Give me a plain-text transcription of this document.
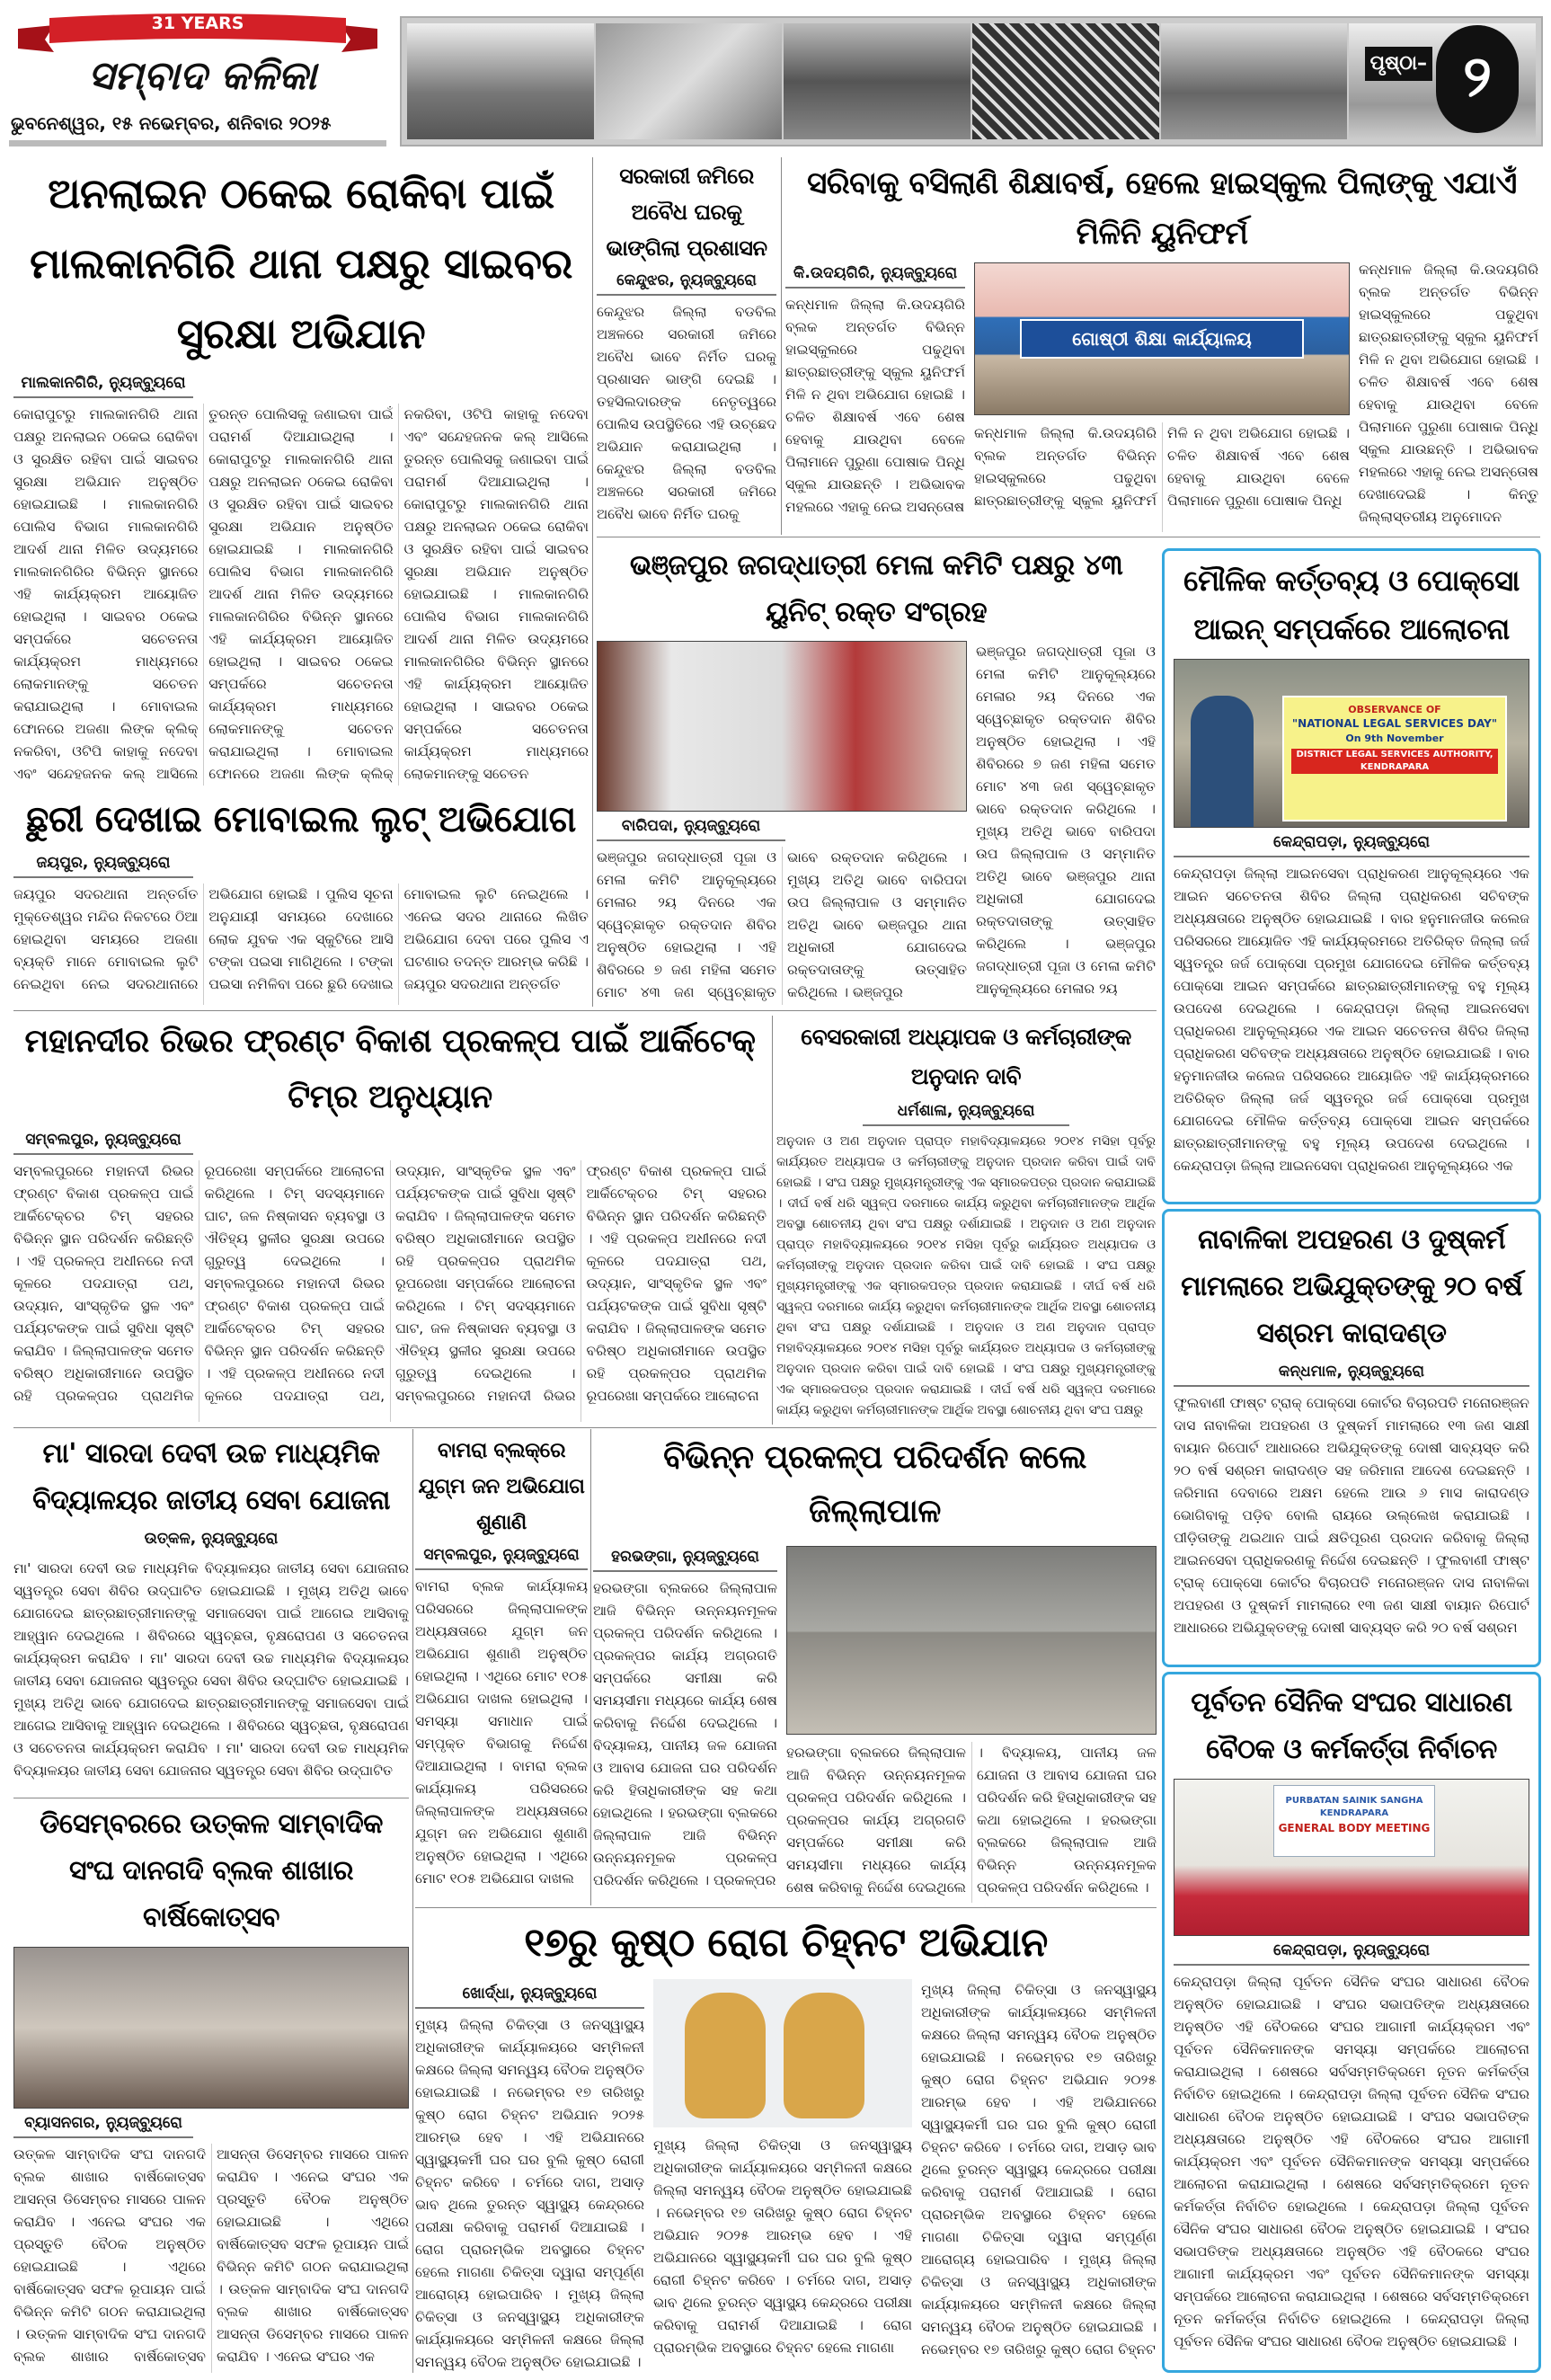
31 YEARS
ସମ୍ବାଦ କଳିକା
ଭୁବନେଶ୍ୱର, ୧୫ ନଭେମ୍ବର, ଶନିବାର ୨୦୨୫
ପୃଷ୍ଠା– ୨
ଅନଲାଇନ ଠକେଇ ରୋକିବା ପାଇଁ ମାଲକାନଗିରି ଥାନା ପକ୍ଷରୁ ସାଇବର ସୁରକ୍ଷା ଅଭିଯାନ
ମାଲକାନଗିରି, ନ୍ୟୁଜ୍‌ବ୍ୟୁରୋ
କୋରାପୁଟରୁ ମାଲକାନଗିରି ଥାନା ପକ୍ଷରୁ ଅନଲାଇନ ଠକେଇ ରୋକିବା ଓ ସୁରକ୍ଷିତ ରହିବା ପାଇଁ ସାଇବର ସୁରକ୍ଷା ଅଭିଯାନ ଅନୁଷ୍ଠିତ ହୋଇଯାଇଛି । ମାଲକାନଗିରି ପୋଲିସ ବିଭାଗ ମାଲକାନଗିରି ଆଦର୍ଶ ଥାନା ମିଳିତ ଉଦ୍ୟମରେ ମାଲକାନଗିରିର ବିଭିନ୍ନ ସ୍ଥାନରେ ଏହି କାର୍ଯ୍ୟକ୍ରମ ଆୟୋଜିତ ହୋଇଥିଲା । ସାଇବର ଠକେଇ ସମ୍ପର୍କରେ ସଚେତନତା କାର୍ଯ୍ୟକ୍ରମ ମାଧ୍ୟମରେ ଲୋକମାନଙ୍କୁ ସଚେତନ କରାଯାଇଥିଲା । ମୋବାଇଲ ଫୋନରେ ଅଜଣା ଲିଙ୍କ କ୍ଲିକ୍ ନକରିବା, ଓଟିପି କାହାକୁ ନଦେବା ଏବଂ ସନ୍ଦେହଜନକ କଲ୍ ଆସିଲେ ତୁରନ୍ତ ପୋଲିସକୁ ଜଣାଇବା ପାଇଁ ପରାମର୍ଶ ଦିଆଯାଇଥିଲା । କୋରାପୁଟରୁ ମାଲକାନଗିରି ଥାନା ପକ୍ଷରୁ ଅନଲାଇନ ଠକେଇ ରୋକିବା ଓ ସୁରକ୍ଷିତ ରହିବା ପାଇଁ ସାଇବର ସୁରକ୍ଷା ଅଭିଯାନ ଅନୁଷ୍ଠିତ ହୋଇଯାଇଛି । ମାଲକାନଗିରି ପୋଲିସ ବିଭାଗ ମାଲକାନଗିରି ଆଦର୍ଶ ଥାନା ମିଳିତ ଉଦ୍ୟମରେ ମାଲକାନଗିରିର ବିଭିନ୍ନ ସ୍ଥାନରେ ଏହି କାର୍ଯ୍ୟକ୍ରମ ଆୟୋଜିତ ହୋଇଥିଲା । ସାଇବର ଠକେଇ ସମ୍ପର୍କରେ ସଚେତନତା କାର୍ଯ୍ୟକ୍ରମ ମାଧ୍ୟମରେ ଲୋକମାନଙ୍କୁ ସଚେତନ କରାଯାଇଥିଲା । ମୋବାଇଲ ଫୋନରେ ଅଜଣା ଲିଙ୍କ କ୍ଲିକ୍ ନକରିବା, ଓଟିପି କାହାକୁ ନଦେବା ଏବଂ ସନ୍ଦେହଜନକ କଲ୍ ଆସିଲେ ତୁରନ୍ତ ପୋଲିସକୁ ଜଣାଇବା ପାଇଁ ପରାମର୍ଶ ଦିଆଯାଇଥିଲା । କୋରାପୁଟରୁ ମାଲକାନଗିରି ଥାନା ପକ୍ଷରୁ ଅନଲାଇନ ଠକେଇ ରୋକିବା ଓ ସୁରକ୍ଷିତ ରହିବା ପାଇଁ ସାଇବର ସୁରକ୍ଷା ଅଭିଯାନ ଅନୁଷ୍ଠିତ ହୋଇଯାଇଛି । ମାଲକାନଗିରି ପୋଲିସ ବିଭାଗ ମାଲକାନଗିରି ଆଦର୍ଶ ଥାନା ମିଳିତ ଉଦ୍ୟମରେ ମାଲକାନଗିରିର ବିଭିନ୍ନ ସ୍ଥାନରେ ଏହି କାର୍ଯ୍ୟକ୍ରମ ଆୟୋଜିତ ହୋଇଥିଲା । ସାଇବର ଠକେଇ ସମ୍ପର୍କରେ ସଚେତନତା କାର୍ଯ୍ୟକ୍ରମ ମାଧ୍ୟମରେ ଲୋକମାନଙ୍କୁ ସଚେତନ
ସରକାରୀ ଜମିରେ ଅବୈଧ ଘରକୁ ଭାଙ୍ଗିଲା ପ୍ରଶାସନ
କେନ୍ଦୁଝର, ନ୍ୟୁଜ୍‌ବ୍ୟୁରୋ
କେନ୍ଦୁଝର ଜିଲ୍ଲା ବଡବିଲ ଅଞ୍ଚଳରେ ସରକାରୀ ଜମିରେ ଅବୈଧ ଭାବେ ନିର୍ମିତ ଘରକୁ ପ୍ରଶାସନ ଭାଙ୍ଗି ଦେଇଛି । ତହସିଲଦାରଙ୍କ ନେତୃତ୍ୱରେ ପୋଲିସ ଉପସ୍ଥିତିରେ ଏହି ଉଚ୍ଛେଦ ଅଭିଯାନ କରାଯାଇଥିଲା । କେନ୍ଦୁଝର ଜିଲ୍ଲା ବଡବିଲ ଅଞ୍ଚଳରେ ସରକାରୀ ଜମିରେ ଅବୈଧ ଭାବେ ନିର୍ମିତ ଘରକୁ
ସରିବାକୁ ବସିଲାଣି ଶିକ୍ଷାବର୍ଷ, ହେଲେ ହାଇସ୍କୁଲ ପିଲାଙ୍କୁ ଏଯାଏଁ ମିଳିନି ୟୁନିଫର୍ମ
କି.ଉଦୟଗିରି, ନ୍ୟୁଜ୍‌ବ୍ୟୁରୋ
କନ୍ଧମାଳ ଜିଲ୍ଲା କି.ଉଦୟଗିରି ବ୍ଲକ ଅନ୍ତର୍ଗତ ବିଭିନ୍ନ ହାଇସ୍କୁଲରେ ପଢୁଥିବା ଛାତ୍ରଛାତ୍ରୀଙ୍କୁ ସ୍କୁଲ ୟୁନିଫର୍ମ ମିଳି ନ ଥିବା ଅଭିଯୋଗ ହୋଇଛି । ଚଳିତ ଶିକ୍ଷାବର୍ଷ ଏବେ ଶେଷ ହେବାକୁ ଯାଉଥିବା ବେଳେ ପିଲାମାନେ ପୁରୁଣା ପୋଷାକ ପିନ୍ଧି ସ୍କୁଲ ଯାଉଛନ୍ତି । ଅଭିଭାବକ ମହଲରେ ଏହାକୁ ନେଇ ଅସନ୍ତୋଷ
ଗୋଷ୍ଠୀ ଶିକ୍ଷା କାର୍ଯ୍ୟାଳୟ
କନ୍ଧମାଳ ଜିଲ୍ଲା କି.ଉଦୟଗିରି ବ୍ଲକ ଅନ୍ତର୍ଗତ ବିଭିନ୍ନ ହାଇସ୍କୁଲରେ ପଢୁଥିବା ଛାତ୍ରଛାତ୍ରୀଙ୍କୁ ସ୍କୁଲ ୟୁନିଫର୍ମ ମିଳି ନ ଥିବା ଅଭିଯୋଗ ହୋଇଛି । ଚଳିତ ଶିକ୍ଷାବର୍ଷ ଏବେ ଶେଷ ହେବାକୁ ଯାଉଥିବା ବେଳେ ପିଲାମାନେ ପୁରୁଣା ପୋଷାକ ପିନ୍ଧି
କନ୍ଧମାଳ ଜିଲ୍ଲା କି.ଉଦୟଗିରି ବ୍ଲକ ଅନ୍ତର୍ଗତ ବିଭିନ୍ନ ହାଇସ୍କୁଲରେ ପଢୁଥିବା ଛାତ୍ରଛାତ୍ରୀଙ୍କୁ ସ୍କୁଲ ୟୁନିଫର୍ମ ମିଳି ନ ଥିବା ଅଭିଯୋଗ ହୋଇଛି । ଚଳିତ ଶିକ୍ଷାବର୍ଷ ଏବେ ଶେଷ ହେବାକୁ ଯାଉଥିବା ବେଳେ ପିଲାମାନେ ପୁରୁଣା ପୋଷାକ ପିନ୍ଧି ସ୍କୁଲ ଯାଉଛନ୍ତି । ଅଭିଭାବକ ମହଲରେ ଏହାକୁ ନେଇ ଅସନ୍ତୋଷ ଦେଖାଦେଇଛି । କିନ୍ତୁ ଜିଲ୍ଲାସ୍ତରୀୟ ଅନୁମୋଦନ
ଭଞ୍ଜପୁର ଜଗଦ୍ଧାତ୍ରୀ ମେଳା କମିଟି ପକ୍ଷରୁ ୪୩ ୟୁନିଟ୍ ରକ୍ତ ସଂଗ୍ରହ
ବାରିପଦା, ନ୍ୟୁଜ୍‌ବ୍ୟୁରୋ
ଭଞ୍ଜପୁର ଜଗଦ୍ଧାତ୍ରୀ ପୂଜା ଓ ମେଳା କମିଟି ଆନୁକୂଲ୍ୟରେ ମେଳାର ୨ୟ ଦିନରେ ଏକ ସ୍ୱେଚ୍ଛାକୃତ ରକ୍ତଦାନ ଶିବିର ଅନୁଷ୍ଠିତ ହୋଇଥିଲା । ଏହି ଶିବିରରେ ୭ ଜଣ ମହିଳା ସମେତ ମୋଟ ୪୩ ଜଣ ସ୍ୱେଚ୍ଛାକୃତ ଭାବେ ରକ୍ତଦାନ କରିଥିଲେ । ମୁଖ୍ୟ ଅତିଥି ଭାବେ ବାରିପଦା ଉପ ଜିଲ୍ଲାପାଳ ଓ ସମ୍ମାନିତ ଅତିଥି ଭାବେ ଭଞ୍ଜପୁର ଥାନା ଅଧିକାରୀ ଯୋଗଦେଇ ରକ୍ତଦାତାଙ୍କୁ ଉତ୍ସାହିତ କରିଥିଲେ । ଭଞ୍ଜପୁର
ଭଞ୍ଜପୁର ଜଗଦ୍ଧାତ୍ରୀ ପୂଜା ଓ ମେଳା କମିଟି ଆନୁକୂଲ୍ୟରେ ମେଳାର ୨ୟ ଦିନରେ ଏକ ସ୍ୱେଚ୍ଛାକୃତ ରକ୍ତଦାନ ଶିବିର ଅନୁଷ୍ଠିତ ହୋଇଥିଲା । ଏହି ଶିବିରରେ ୭ ଜଣ ମହିଳା ସମେତ ମୋଟ ୪୩ ଜଣ ସ୍ୱେଚ୍ଛାକୃତ ଭାବେ ରକ୍ତଦାନ କରିଥିଲେ । ମୁଖ୍ୟ ଅତିଥି ଭାବେ ବାରିପଦା ଉପ ଜିଲ୍ଲାପାଳ ଓ ସମ୍ମାନିତ ଅତିଥି ଭାବେ ଭଞ୍ଜପୁର ଥାନା ଅଧିକାରୀ ଯୋଗଦେଇ ରକ୍ତଦାତାଙ୍କୁ ଉତ୍ସାହିତ କରିଥିଲେ । ଭଞ୍ଜପୁର ଜଗଦ୍ଧାତ୍ରୀ ପୂଜା ଓ ମେଳା କମିଟି ଆନୁକୂଲ୍ୟରେ ମେଳାର ୨ୟ
ମୌଳିକ କର୍ତ୍ତବ୍ୟ ଓ ପୋକ୍ସୋ ଆଇନ୍ ସମ୍ପର୍କରେ ଆଲୋଚନା
OBSERVANCE OF
"NATIONAL LEGAL SERVICES DAY"
On 9th November
DISTRICT LEGAL SERVICES AUTHORITY, KENDRAPARA
କେନ୍ଦ୍ରାପଡ଼ା, ନ୍ୟୁଜ୍‌ବ୍ୟୁରୋ
କେନ୍ଦ୍ରାପଡ଼ା ଜିଲ୍ଲା ଆଇନସେବା ପ୍ରାଧିକରଣ ଆନୁକୂଲ୍ୟରେ ଏକ ଆଇନ ସଚେତନତା ଶିବିର ଜିଲ୍ଲା ପ୍ରାଧିକରଣ ସଚିବଙ୍କ ଅଧ୍ୟକ୍ଷତାରେ ଅନୁଷ୍ଠିତ ହୋଇଯାଇଛି । ବାର ହନୁମାନଜୀଉ କଲେଜ ପରିସରରେ ଆୟୋଜିତ ଏହି କାର୍ଯ୍ୟକ୍ରମରେ ଅତିରିକ୍ତ ଜିଲ୍ଲା ଜର୍ଜ ସ୍ୱତନ୍ତ୍ର ଜର୍ଜ ପୋକ୍ସୋ ପ୍ରମୁଖ ଯୋଗଦେଇ ମୌଳିକ କର୍ତ୍ତବ୍ୟ ପୋକ୍ସୋ ଆଇନ ସମ୍ପର୍କରେ ଛାତ୍ରଛାତ୍ରୀମାନଙ୍କୁ ବହୁ ମୂଲ୍ୟ ଉପଦେଶ ଦେଇଥିଲେ । କେନ୍ଦ୍ରାପଡ଼ା ଜିଲ୍ଲା ଆଇନସେବା ପ୍ରାଧିକରଣ ଆନୁକୂଲ୍ୟରେ ଏକ ଆଇନ ସଚେତନତା ଶିବିର ଜିଲ୍ଲା ପ୍ରାଧିକରଣ ସଚିବଙ୍କ ଅଧ୍ୟକ୍ଷତାରେ ଅନୁଷ୍ଠିତ ହୋଇଯାଇଛି । ବାର ହନୁମାନଜୀଉ କଲେଜ ପରିସରରେ ଆୟୋଜିତ ଏହି କାର୍ଯ୍ୟକ୍ରମରେ ଅତିରିକ୍ତ ଜିଲ୍ଲା ଜର୍ଜ ସ୍ୱତନ୍ତ୍ର ଜର୍ଜ ପୋକ୍ସୋ ପ୍ରମୁଖ ଯୋଗଦେଇ ମୌଳିକ କର୍ତ୍ତବ୍ୟ ପୋକ୍ସୋ ଆଇନ ସମ୍ପର୍କରେ ଛାତ୍ରଛାତ୍ରୀମାନଙ୍କୁ ବହୁ ମୂଲ୍ୟ ଉପଦେଶ ଦେଇଥିଲେ । କେନ୍ଦ୍ରାପଡ଼ା ଜିଲ୍ଲା ଆଇନସେବା ପ୍ରାଧିକରଣ ଆନୁକୂଲ୍ୟରେ ଏକ
ଛୁରୀ ଦେଖାଇ ମୋବାଇଲ ଲୁଟ୍ ଅଭିଯୋଗ
ଜୟପୁର, ନ୍ୟୁଜ୍‌ବ୍ୟୁରୋ
ଜୟପୁର ସଦରଥାନା ଅନ୍ତର୍ଗତ ମୁକ୍ତେଶ୍ୱର ମନ୍ଦିର ନିକଟରେ ଠିଆ ହୋଇଥିବା ସମୟରେ ଅଜଣା ବ୍ୟକ୍ତି ମାନେ ମୋବାଇଲ ଲୁଟି ନେଇଥିବା ନେଇ ସଦରଥାନାରେ ଅଭିଯୋଗ ହୋଇଛି । ପୁଲିସ ସୂଚନା ଅନୁଯାୟୀ ସମୟରେ ଦେଖାରେ ଲୋକ ଯୁବକ ଏକ ସ୍କୁଟିରେ ଆସି ଟଙ୍କା ପଇସା ମାଗିଥିଲେ । ଟଙ୍କା ପଇସା ନମିଳିବା ପରେ ଛୁରି ଦେଖାଇ ମୋବାଇଲ ଲୁଟି ନେଇଥିଲେ । ଏନେଇ ସଦର ଥାନାରେ ଲିଖିତ ଅଭିଯୋଗ ଦେବା ପରେ ପୁଲିସ ଏ ଘଟଣାର ତଦନ୍ତ ଆରମ୍ଭ କରିଛି । ଜୟପୁର ସଦରଥାନା ଅନ୍ତର୍ଗତ
ମହାନଦୀର ରିଭର ଫ୍ରଣ୍ଟ ବିକାଶ ପ୍ରକଳ୍ପ ପାଇଁ ଆର୍କିଟେକ୍ ଟିମ୍‌ର ଅନୁଧ୍ୟାନ
ସମ୍ବଲପୁର, ନ୍ୟୁଜ୍‌ବ୍ୟୁରୋ
ସମ୍ବଲପୁରରେ ମହାନଦୀ ରିଭର ଫ୍ରଣ୍ଟ ବିକାଶ ପ୍ରକଳ୍ପ ପାଇଁ ଆର୍କିଟେକ୍ଚର ଟିମ୍ ସହରର ବିଭିନ୍ନ ସ୍ଥାନ ପରିଦର୍ଶନ କରିଛନ୍ତି । ଏହି ପ୍ରକଳ୍ପ ଅଧୀନରେ ନଦୀ କୂଳରେ ପଦଯାତ୍ରା ପଥ, ଉଦ୍ୟାନ, ସାଂସ୍କୃତିକ ସ୍ଥଳ ଏବଂ ପର୍ଯ୍ୟଟକଙ୍କ ପାଇଁ ସୁବିଧା ସୃଷ୍ଟି କରାଯିବ । ଜିଲ୍ଲାପାଳଙ୍କ ସମେତ ବରିଷ୍ଠ ଅଧିକାରୀମାନେ ଉପସ୍ଥିତ ରହି ପ୍ରକଳ୍ପର ପ୍ରାଥମିକ ରୂପରେଖା ସମ୍ପର୍କରେ ଆଲୋଚନା କରିଥିଲେ । ଟିମ୍ ସଦସ୍ୟମାନେ ଘାଟ, ଜଳ ନିଷ୍କାସନ ବ୍ୟବସ୍ଥା ଓ ଐତିହ୍ୟ ସ୍ଥଳୀର ସୁରକ୍ଷା ଉପରେ ଗୁରୁତ୍ୱ ଦେଇଥିଲେ । ସମ୍ବଲପୁରରେ ମହାନଦୀ ରିଭର ଫ୍ରଣ୍ଟ ବିକାଶ ପ୍ରକଳ୍ପ ପାଇଁ ଆର୍କିଟେକ୍ଚର ଟିମ୍ ସହରର ବିଭିନ୍ନ ସ୍ଥାନ ପରିଦର୍ଶନ କରିଛନ୍ତି । ଏହି ପ୍ରକଳ୍ପ ଅଧୀନରେ ନଦୀ କୂଳରେ ପଦଯାତ୍ରା ପଥ, ଉଦ୍ୟାନ, ସାଂସ୍କୃତିକ ସ୍ଥଳ ଏବଂ ପର୍ଯ୍ୟଟକଙ୍କ ପାଇଁ ସୁବିଧା ସୃଷ୍ଟି କରାଯିବ । ଜିଲ୍ଲାପାଳଙ୍କ ସମେତ ବରିଷ୍ଠ ଅଧିକାରୀମାନେ ଉପସ୍ଥିତ ରହି ପ୍ରକଳ୍ପର ପ୍ରାଥମିକ ରୂପରେଖା ସମ୍ପର୍କରେ ଆଲୋଚନା କରିଥିଲେ । ଟିମ୍ ସଦସ୍ୟମାନେ ଘାଟ, ଜଳ ନିଷ୍କାସନ ବ୍ୟବସ୍ଥା ଓ ଐତିହ୍ୟ ସ୍ଥଳୀର ସୁରକ୍ଷା ଉପରେ ଗୁରୁତ୍ୱ ଦେଇଥିଲେ । ସମ୍ବଲପୁରରେ ମହାନଦୀ ରିଭର ଫ୍ରଣ୍ଟ ବିକାଶ ପ୍ରକଳ୍ପ ପାଇଁ ଆର୍କିଟେକ୍ଚର ଟିମ୍ ସହରର ବିଭିନ୍ନ ସ୍ଥାନ ପରିଦର୍ଶନ କରିଛନ୍ତି । ଏହି ପ୍ରକଳ୍ପ ଅଧୀନରେ ନଦୀ କୂଳରେ ପଦଯାତ୍ରା ପଥ, ଉଦ୍ୟାନ, ସାଂସ୍କୃତିକ ସ୍ଥଳ ଏବଂ ପର୍ଯ୍ୟଟକଙ୍କ ପାଇଁ ସୁବିଧା ସୃଷ୍ଟି କରାଯିବ । ଜିଲ୍ଲାପାଳଙ୍କ ସମେତ ବରିଷ୍ଠ ଅଧିକାରୀମାନେ ଉପସ୍ଥିତ ରହି ପ୍ରକଳ୍ପର ପ୍ରାଥମିକ ରୂପରେଖା ସମ୍ପର୍କରେ ଆଲୋଚନା
ବେସରକାରୀ ଅଧ୍ୟାପକ ଓ କର୍ମଚାରୀଙ୍କ ଅନୁଦାନ ଦାବି
ଧର୍ମଶାଳା, ନ୍ୟୁଜ୍‌ବ୍ୟୁରୋ
ଅନୁଦାନ ଓ ଅଣ ଅନୁଦାନ ପ୍ରାପ୍ତ ମହାବିଦ୍ୟାଳୟରେ ୨୦୧୪ ମସିହା ପୂର୍ବରୁ କାର୍ଯ୍ୟରତ ଅଧ୍ୟାପକ ଓ କର୍ମଚାରୀଙ୍କୁ ଅନୁଦାନ ପ୍ରଦାନ କରିବା ପାଇଁ ଦାବି ହୋଇଛି । ସଂଘ ପକ୍ଷରୁ ମୁଖ୍ୟମନ୍ତ୍ରୀଙ୍କୁ ଏକ ସ୍ମାରକପତ୍ର ପ୍ରଦାନ କରାଯାଇଛି । ଦୀର୍ଘ ବର୍ଷ ଧରି ସ୍ୱଳ୍ପ ଦରମାରେ କାର୍ଯ୍ୟ କରୁଥିବା କର୍ମଚାରୀମାନଙ୍କ ଆର୍ଥିକ ଅବସ୍ଥା ଶୋଚନୀୟ ଥିବା ସଂଘ ପକ୍ଷରୁ ଦର୍ଶାଯାଇଛି । ଅନୁଦାନ ଓ ଅଣ ଅନୁଦାନ ପ୍ରାପ୍ତ ମହାବିଦ୍ୟାଳୟରେ ୨୦୧୪ ମସିହା ପୂର୍ବରୁ କାର୍ଯ୍ୟରତ ଅଧ୍ୟାପକ ଓ କର୍ମଚାରୀଙ୍କୁ ଅନୁଦାନ ପ୍ରଦାନ କରିବା ପାଇଁ ଦାବି ହୋଇଛି । ସଂଘ ପକ୍ଷରୁ ମୁଖ୍ୟମନ୍ତ୍ରୀଙ୍କୁ ଏକ ସ୍ମାରକପତ୍ର ପ୍ରଦାନ କରାଯାଇଛି । ଦୀର୍ଘ ବର୍ଷ ଧରି ସ୍ୱଳ୍ପ ଦରମାରେ କାର୍ଯ୍ୟ କରୁଥିବା କର୍ମଚାରୀମାନଙ୍କ ଆର୍ଥିକ ଅବସ୍ଥା ଶୋଚନୀୟ ଥିବା ସଂଘ ପକ୍ଷରୁ ଦର୍ଶାଯାଇଛି । ଅନୁଦାନ ଓ ଅଣ ଅନୁଦାନ ପ୍ରାପ୍ତ ମହାବିଦ୍ୟାଳୟରେ ୨୦୧୪ ମସିହା ପୂର୍ବରୁ କାର୍ଯ୍ୟରତ ଅଧ୍ୟାପକ ଓ କର୍ମଚାରୀଙ୍କୁ ଅନୁଦାନ ପ୍ରଦାନ କରିବା ପାଇଁ ଦାବି ହୋଇଛି । ସଂଘ ପକ୍ଷରୁ ମୁଖ୍ୟମନ୍ତ୍ରୀଙ୍କୁ ଏକ ସ୍ମାରକପତ୍ର ପ୍ରଦାନ କରାଯାଇଛି । ଦୀର୍ଘ ବର୍ଷ ଧରି ସ୍ୱଳ୍ପ ଦରମାରେ କାର୍ଯ୍ୟ କରୁଥିବା କର୍ମଚାରୀମାନଙ୍କ ଆର୍ଥିକ ଅବସ୍ଥା ଶୋଚନୀୟ ଥିବା ସଂଘ ପକ୍ଷରୁ
ନାବାଳିକା ଅପହରଣ ଓ ଦୁଷ୍କର୍ମ ମାମଲାରେ ଅଭିଯୁକ୍ତଙ୍କୁ ୨୦ ବର୍ଷ ସଶ୍ରମ କାରାଦଣ୍ଡ
କନ୍ଧମାଳ, ନ୍ୟୁଜ୍‌ବ୍ୟୁରୋ
ଫୁଲବାଣୀ ଫାଷ୍ଟ ଟ୍ରାକ୍ ପୋକ୍ସୋ କୋର୍ଟର ବିଚାରପତି ମନୋରଞ୍ଜନ ଦାସ ନାବାଳିକା ଅପହରଣ ଓ ଦୁଷ୍କର୍ମ ମାମଲାରେ ୧୩ ଜଣ ସାକ୍ଷୀ ବାୟାନ ରିପୋର୍ଟ ଆଧାରରେ ଅଭିଯୁକ୍ତଙ୍କୁ ଦୋଷୀ ସାବ୍ୟସ୍ତ କରି ୨୦ ବର୍ଷ ସଶ୍ରମ କାରାଦଣ୍ଡ ସହ ଜରିମାନା ଆଦେଶ ଦେଇଛନ୍ତି । ଜରିମାନା ଦେବାରେ ଅକ୍ଷମ ହେଲେ ଆଉ ୬ ମାସ କାରାଦଣ୍ଡ ଭୋଗିବାକୁ ପଡ଼ିବ ବୋଲି ରାୟରେ ଉଲ୍ଲେଖ କରାଯାଇଛି । ପୀଡ଼ିତାଙ୍କୁ ଥଇଥାନ ପାଇଁ କ୍ଷତିପୂରଣ ପ୍ରଦାନ କରିବାକୁ ଜିଲ୍ଲା ଆଇନସେବା ପ୍ରାଧିକରଣକୁ ନିର୍ଦ୍ଦେଶ ଦେଇଛନ୍ତି । ଫୁଲବାଣୀ ଫାଷ୍ଟ ଟ୍ରାକ୍ ପୋକ୍ସୋ କୋର୍ଟର ବିଚାରପତି ମନୋରଞ୍ଜନ ଦାସ ନାବାଳିକା ଅପହରଣ ଓ ଦୁଷ୍କର୍ମ ମାମଲାରେ ୧୩ ଜଣ ସାକ୍ଷୀ ବାୟାନ ରିପୋର୍ଟ ଆଧାରରେ ଅଭିଯୁକ୍ତଙ୍କୁ ଦୋଷୀ ସାବ୍ୟସ୍ତ କରି ୨୦ ବର୍ଷ ସଶ୍ରମ
ମା' ସାରଦା ଦେବୀ ଉଚ୍ଚ ମାଧ୍ୟମିକ ବିଦ୍ୟାଳୟର ଜାତୀୟ ସେବା ଯୋଜନା
ଉତ୍କଳ, ନ୍ୟୁଜ୍‌ବ୍ୟୁରୋ
ମା' ସାରଦା ଦେବୀ ଉଚ୍ଚ ମାଧ୍ୟମିକ ବିଦ୍ୟାଳୟର ଜାତୀୟ ସେବା ଯୋଜନାର ସ୍ୱତନ୍ତ୍ର ସେବା ଶିବିର ଉଦ୍‌ଘାଟିତ ହୋଇଯାଇଛି । ମୁଖ୍ୟ ଅତିଥି ଭାବେ ଯୋଗଦେଇ ଛାତ୍ରଛାତ୍ରୀମାନଙ୍କୁ ସମାଜସେବା ପାଇଁ ଆଗେଇ ଆସିବାକୁ ଆହ୍ୱାନ ଦେଇଥିଲେ । ଶିବିରରେ ସ୍ୱଚ୍ଛତା, ବୃକ୍ଷରୋପଣ ଓ ସଚେତନତା କାର୍ଯ୍ୟକ୍ରମ କରାଯିବ । ମା' ସାରଦା ଦେବୀ ଉଚ୍ଚ ମାଧ୍ୟମିକ ବିଦ୍ୟାଳୟର ଜାତୀୟ ସେବା ଯୋଜନାର ସ୍ୱତନ୍ତ୍ର ସେବା ଶିବିର ଉଦ୍‌ଘାଟିତ ହୋଇଯାଇଛି । ମୁଖ୍ୟ ଅତିଥି ଭାବେ ଯୋଗଦେଇ ଛାତ୍ରଛାତ୍ରୀମାନଙ୍କୁ ସମାଜସେବା ପାଇଁ ଆଗେଇ ଆସିବାକୁ ଆହ୍ୱାନ ଦେଇଥିଲେ । ଶିବିରରେ ସ୍ୱଚ୍ଛତା, ବୃକ୍ଷରୋପଣ ଓ ସଚେତନତା କାର୍ଯ୍ୟକ୍ରମ କରାଯିବ । ମା' ସାରଦା ଦେବୀ ଉଚ୍ଚ ମାଧ୍ୟମିକ ବିଦ୍ୟାଳୟର ଜାତୀୟ ସେବା ଯୋଜନାର ସ୍ୱତନ୍ତ୍ର ସେବା ଶିବିର ଉଦ୍‌ଘାଟିତ
ବାମରା ବ୍ଲକ୍‌ରେ ଯୁଗ୍ମ ଜନ ଅଭିଯୋଗ ଶୁଣାଣି
ସମ୍ବଲପୁର, ନ୍ୟୁଜ୍‌ବ୍ୟୁରୋ
ବାମରା ବ୍ଲକ କାର୍ଯ୍ୟାଳୟ ପରିସରରେ ଜିଲ୍ଲାପାଳଙ୍କ ଅଧ୍ୟକ୍ଷତାରେ ଯୁଗ୍ମ ଜନ ଅଭିଯୋଗ ଶୁଣାଣି ଅନୁଷ୍ଠିତ ହୋଇଥିଲା । ଏଥିରେ ମୋଟ ୧୦୫ ଅଭିଯୋଗ ଦାଖଲ ହୋଇଥିଲା । ସମସ୍ୟା ସମାଧାନ ପାଇଁ ସମ୍ପୃକ୍ତ ବିଭାଗକୁ ନିର୍ଦ୍ଦେଶ ଦିଆଯାଇଥିଲା । ବାମରା ବ୍ଲକ କାର୍ଯ୍ୟାଳୟ ପରିସରରେ ଜିଲ୍ଲାପାଳଙ୍କ ଅଧ୍ୟକ୍ଷତାରେ ଯୁଗ୍ମ ଜନ ଅଭିଯୋଗ ଶୁଣାଣି ଅନୁଷ୍ଠିତ ହୋଇଥିଲା । ଏଥିରେ ମୋଟ ୧୦୫ ଅଭିଯୋଗ ଦାଖଲ
ବିଭିନ୍ନ ପ୍ରକଳ୍ପ ପରିଦର୍ଶନ କଲେ ଜିଲ୍ଲାପାଳ
ହରଭଙ୍ଗା, ନ୍ୟୁଜ୍‌ବ୍ୟୁରୋ
ହରଭଙ୍ଗା ବ୍ଲକରେ ଜିଲ୍ଲାପାଳ ଆଜି ବିଭିନ୍ନ ଉନ୍ନୟନମୂଳକ ପ୍ରକଳ୍ପ ପରିଦର୍ଶନ କରିଥିଲେ । ପ୍ରକଳ୍ପର କାର୍ଯ୍ୟ ଅଗ୍ରଗତି ସମ୍ପର୍କରେ ସମୀକ୍ଷା କରି ସମୟସୀମା ମଧ୍ୟରେ କାର୍ଯ୍ୟ ଶେଷ କରିବାକୁ ନିର୍ଦ୍ଦେଶ ଦେଇଥିଲେ । ବିଦ୍ୟାଳୟ, ପାନୀୟ ଜଳ ଯୋଜନା ଓ ଆବାସ ଯୋଜନା ଘର ପରିଦର୍ଶନ କରି ହିତାଧିକାରୀଙ୍କ ସହ କଥା ହୋଇଥିଲେ । ହରଭଙ୍ଗା ବ୍ଲକରେ ଜିଲ୍ଲାପାଳ ଆଜି ବିଭିନ୍ନ ଉନ୍ନୟନମୂଳକ ପ୍ରକଳ୍ପ ପରିଦର୍ଶନ କରିଥିଲେ । ପ୍ରକଳ୍ପର
ହରଭଙ୍ଗା ବ୍ଲକରେ ଜିଲ୍ଲାପାଳ ଆଜି ବିଭିନ୍ନ ଉନ୍ନୟନମୂଳକ ପ୍ରକଳ୍ପ ପରିଦର୍ଶନ କରିଥିଲେ । ପ୍ରକଳ୍ପର କାର୍ଯ୍ୟ ଅଗ୍ରଗତି ସମ୍ପର୍କରେ ସମୀକ୍ଷା କରି ସମୟସୀମା ମଧ୍ୟରେ କାର୍ଯ୍ୟ ଶେଷ କରିବାକୁ ନିର୍ଦ୍ଦେଶ ଦେଇଥିଲେ । ବିଦ୍ୟାଳୟ, ପାନୀୟ ଜଳ ଯୋଜନା ଓ ଆବାସ ଯୋଜନା ଘର ପରିଦର୍ଶନ କରି ହିତାଧିକାରୀଙ୍କ ସହ କଥା ହୋଇଥିଲେ । ହରଭଙ୍ଗା ବ୍ଲକରେ ଜିଲ୍ଲାପାଳ ଆଜି ବିଭିନ୍ନ ଉନ୍ନୟନମୂଳକ ପ୍ରକଳ୍ପ ପରିଦର୍ଶନ କରିଥିଲେ ।
ପୂର୍ବତନ ସୈନିକ ସଂଘର ସାଧାରଣ ବୈଠକ ଓ କର୍ମକର୍ତ୍ତା ନିର୍ବାଚନ
PURBATAN SAINIK SANGHA
KENDRAPARA
GENERAL BODY MEETING
କେନ୍ଦ୍ରାପଡ଼ା, ନ୍ୟୁଜ୍‌ବ୍ୟୁରୋ
କେନ୍ଦ୍ରାପଡ଼ା ଜିଲ୍ଲା ପୂର୍ବତନ ସୈନିକ ସଂଘର ସାଧାରଣ ବୈଠକ ଅନୁଷ୍ଠିତ ହୋଇଯାଇଛି । ସଂଘର ସଭାପତିଙ୍କ ଅଧ୍ୟକ୍ଷତାରେ ଅନୁଷ୍ଠିତ ଏହି ବୈଠକରେ ସଂଘର ଆଗାମୀ କାର୍ଯ୍ୟକ୍ରମ ଏବଂ ପୂର୍ବତନ ସୈନିକମାନଙ୍କ ସମସ୍ୟା ସମ୍ପର୍କରେ ଆଲୋଚନା କରାଯାଇଥିଲା । ଶେଷରେ ସର୍ବସମ୍ମତିକ୍ରମେ ନୂତନ କର୍ମକର୍ତ୍ତା ନିର୍ବାଚିତ ହୋଇଥିଲେ । କେନ୍ଦ୍ରାପଡ଼ା ଜିଲ୍ଲା ପୂର୍ବତନ ସୈନିକ ସଂଘର ସାଧାରଣ ବୈଠକ ଅନୁଷ୍ଠିତ ହୋଇଯାଇଛି । ସଂଘର ସଭାପତିଙ୍କ ଅଧ୍ୟକ୍ଷତାରେ ଅନୁଷ୍ଠିତ ଏହି ବୈଠକରେ ସଂଘର ଆଗାମୀ କାର୍ଯ୍ୟକ୍ରମ ଏବଂ ପୂର୍ବତନ ସୈନିକମାନଙ୍କ ସମସ୍ୟା ସମ୍ପର୍କରେ ଆଲୋଚନା କରାଯାଇଥିଲା । ଶେଷରେ ସର୍ବସମ୍ମତିକ୍ରମେ ନୂତନ କର୍ମକର୍ତ୍ତା ନିର୍ବାଚିତ ହୋଇଥିଲେ । କେନ୍ଦ୍ରାପଡ଼ା ଜିଲ୍ଲା ପୂର୍ବତନ ସୈନିକ ସଂଘର ସାଧାରଣ ବୈଠକ ଅନୁଷ୍ଠିତ ହୋଇଯାଇଛି । ସଂଘର ସଭାପତିଙ୍କ ଅଧ୍ୟକ୍ଷତାରେ ଅନୁଷ୍ଠିତ ଏହି ବୈଠକରେ ସଂଘର ଆଗାମୀ କାର୍ଯ୍ୟକ୍ରମ ଏବଂ ପୂର୍ବତନ ସୈନିକମାନଙ୍କ ସମସ୍ୟା ସମ୍ପର୍କରେ ଆଲୋଚନା କରାଯାଇଥିଲା । ଶେଷରେ ସର୍ବସମ୍ମତିକ୍ରମେ ନୂତନ କର୍ମକର୍ତ୍ତା ନିର୍ବାଚିତ ହୋଇଥିଲେ । କେନ୍ଦ୍ରାପଡ଼ା ଜିଲ୍ଲା ପୂର୍ବତନ ସୈନିକ ସଂଘର ସାଧାରଣ ବୈଠକ ଅନୁଷ୍ଠିତ ହୋଇଯାଇଛି ।
ଡିସେମ୍ବରରେ ଉତ୍କଳ ସାମ୍ବାଦିକ ସଂଘ ଦାନଗଦି ବ୍ଲକ ଶାଖାର ବାର୍ଷିକୋତ୍ସବ
ବ୍ୟାସନଗର, ନ୍ୟୁଜ୍‌ବ୍ୟୁରୋ
ଉତ୍କଳ ସାମ୍ବାଦିକ ସଂଘ ଦାନଗଦି ବ୍ଲକ ଶାଖାର ବାର୍ଷିକୋତ୍ସବ ଆସନ୍ତା ଡିସେମ୍ବର ମାସରେ ପାଳନ କରାଯିବ । ଏନେଇ ସଂଘର ଏକ ପ୍ରସ୍ତୁତି ବୈଠକ ଅନୁଷ୍ଠିତ ହୋଇଯାଇଛି । ଏଥିରେ ବାର୍ଷିକୋତ୍ସବ ସଫଳ ରୂପାୟନ ପାଇଁ ବିଭିନ୍ନ କମିଟି ଗଠନ କରାଯାଇଥିଲା । ଉତ୍କଳ ସାମ୍ବାଦିକ ସଂଘ ଦାନଗଦି ବ୍ଲକ ଶାଖାର ବାର୍ଷିକୋତ୍ସବ ଆସନ୍ତା ଡିସେମ୍ବର ମାସରେ ପାଳନ କରାଯିବ । ଏନେଇ ସଂଘର ଏକ ପ୍ରସ୍ତୁତି ବୈଠକ ଅନୁଷ୍ଠିତ ହୋଇଯାଇଛି । ଏଥିରେ ବାର୍ଷିକୋତ୍ସବ ସଫଳ ରୂପାୟନ ପାଇଁ ବିଭିନ୍ନ କମିଟି ଗଠନ କରାଯାଇଥିଲା । ଉତ୍କଳ ସାମ୍ବାଦିକ ସଂଘ ଦାନଗଦି ବ୍ଲକ ଶାଖାର ବାର୍ଷିକୋତ୍ସବ ଆସନ୍ତା ଡିସେମ୍ବର ମାସରେ ପାଳନ କରାଯିବ । ଏନେଇ ସଂଘର ଏକ
୧୭ରୁ କୁଷ୍ଠ ରୋଗ ଚିହ୍ନଟ ଅଭିଯାନ
ଖୋର୍ଦ୍ଧା, ନ୍ୟୁଜ୍‌ବ୍ୟୁରୋ
ମୁଖ୍ୟ ଜିଲ୍ଲା ଚିକିତ୍ସା ଓ ଜନସ୍ୱାସ୍ଥ୍ୟ ଅଧିକାରୀଙ୍କ କାର୍ଯ୍ୟାଳୟରେ ସମ୍ମିଳନୀ କକ୍ଷରେ ଜିଲ୍ଲା ସମନ୍ୱୟ ବୈଠକ ଅନୁଷ୍ଠିତ ହୋଇଯାଇଛି । ନଭେମ୍ବର ୧୭ ତାରିଖରୁ କୁଷ୍ଠ ରୋଗ ଚିହ୍ନଟ ଅଭିଯାନ ୨୦୨୫ ଆରମ୍ଭ ହେବ । ଏହି ଅଭିଯାନରେ ସ୍ୱାସ୍ଥ୍ୟକର୍ମୀ ଘର ଘର ବୁଲି କୁଷ୍ଠ ରୋଗୀ ଚିହ୍ନଟ କରିବେ । ଚର୍ମରେ ଦାଗ, ଅସାଡ଼ ଭାବ ଥିଲେ ତୁରନ୍ତ ସ୍ୱାସ୍ଥ୍ୟ କେନ୍ଦ୍ରରେ ପରୀକ୍ଷା କରିବାକୁ ପରାମର୍ଶ ଦିଆଯାଇଛି । ରୋଗ ପ୍ରାରମ୍ଭିକ ଅବସ୍ଥାରେ ଚିହ୍ନଟ ହେଲେ ମାଗଣା ଚିକିତ୍ସା ଦ୍ୱାରା ସମ୍ପୂର୍ଣ୍ଣ ଆରୋଗ୍ୟ ହୋଇପାରିବ । ମୁଖ୍ୟ ଜିଲ୍ଲା ଚିକିତ୍ସା ଓ ଜନସ୍ୱାସ୍ଥ୍ୟ ଅଧିକାରୀଙ୍କ କାର୍ଯ୍ୟାଳୟରେ ସମ୍ମିଳନୀ କକ୍ଷରେ ଜିଲ୍ଲା ସମନ୍ୱୟ ବୈଠକ ଅନୁଷ୍ଠିତ ହୋଇଯାଇଛି ।
ମୁଖ୍ୟ ଜିଲ୍ଲା ଚିକିତ୍ସା ଓ ଜନସ୍ୱାସ୍ଥ୍ୟ ଅଧିକାରୀଙ୍କ କାର୍ଯ୍ୟାଳୟରେ ସମ୍ମିଳନୀ କକ୍ଷରେ ଜିଲ୍ଲା ସମନ୍ୱୟ ବୈଠକ ଅନୁଷ୍ଠିତ ହୋଇଯାଇଛି । ନଭେମ୍ବର ୧୭ ତାରିଖରୁ କୁଷ୍ଠ ରୋଗ ଚିହ୍ନଟ ଅଭିଯାନ ୨୦୨୫ ଆରମ୍ଭ ହେବ । ଏହି ଅଭିଯାନରେ ସ୍ୱାସ୍ଥ୍ୟକର୍ମୀ ଘର ଘର ବୁଲି କୁଷ୍ଠ ରୋଗୀ ଚିହ୍ନଟ କରିବେ । ଚର୍ମରେ ଦାଗ, ଅସାଡ଼ ଭାବ ଥିଲେ ତୁରନ୍ତ ସ୍ୱାସ୍ଥ୍ୟ କେନ୍ଦ୍ରରେ ପରୀକ୍ଷା କରିବାକୁ ପରାମର୍ଶ ଦିଆଯାଇଛି । ରୋଗ ପ୍ରାରମ୍ଭିକ ଅବସ୍ଥାରେ ଚିହ୍ନଟ ହେଲେ ମାଗଣା
ମୁଖ୍ୟ ଜିଲ୍ଲା ଚିକିତ୍ସା ଓ ଜନସ୍ୱାସ୍ଥ୍ୟ ଅଧିକାରୀଙ୍କ କାର୍ଯ୍ୟାଳୟରେ ସମ୍ମିଳନୀ କକ୍ଷରେ ଜିଲ୍ଲା ସମନ୍ୱୟ ବୈଠକ ଅନୁଷ୍ଠିତ ହୋଇଯାଇଛି । ନଭେମ୍ବର ୧୭ ତାରିଖରୁ କୁଷ୍ଠ ରୋଗ ଚିହ୍ନଟ ଅଭିଯାନ ୨୦୨୫ ଆରମ୍ଭ ହେବ । ଏହି ଅଭିଯାନରେ ସ୍ୱାସ୍ଥ୍ୟକର୍ମୀ ଘର ଘର ବୁଲି କୁଷ୍ଠ ରୋଗୀ ଚିହ୍ନଟ କରିବେ । ଚର୍ମରେ ଦାଗ, ଅସାଡ଼ ଭାବ ଥିଲେ ତୁରନ୍ତ ସ୍ୱାସ୍ଥ୍ୟ କେନ୍ଦ୍ରରେ ପରୀକ୍ଷା କରିବାକୁ ପରାମର୍ଶ ଦିଆଯାଇଛି । ରୋଗ ପ୍ରାରମ୍ଭିକ ଅବସ୍ଥାରେ ଚିହ୍ନଟ ହେଲେ ମାଗଣା ଚିକିତ୍ସା ଦ୍ୱାରା ସମ୍ପୂର୍ଣ୍ଣ ଆରୋଗ୍ୟ ହୋଇପାରିବ । ମୁଖ୍ୟ ଜିଲ୍ଲା ଚିକିତ୍ସା ଓ ଜନସ୍ୱାସ୍ଥ୍ୟ ଅଧିକାରୀଙ୍କ କାର୍ଯ୍ୟାଳୟରେ ସମ୍ମିଳନୀ କକ୍ଷରେ ଜିଲ୍ଲା ସମନ୍ୱୟ ବୈଠକ ଅନୁଷ୍ଠିତ ହୋଇଯାଇଛି । ନଭେମ୍ବର ୧୭ ତାରିଖରୁ କୁଷ୍ଠ ରୋଗ ଚିହ୍ନଟ
